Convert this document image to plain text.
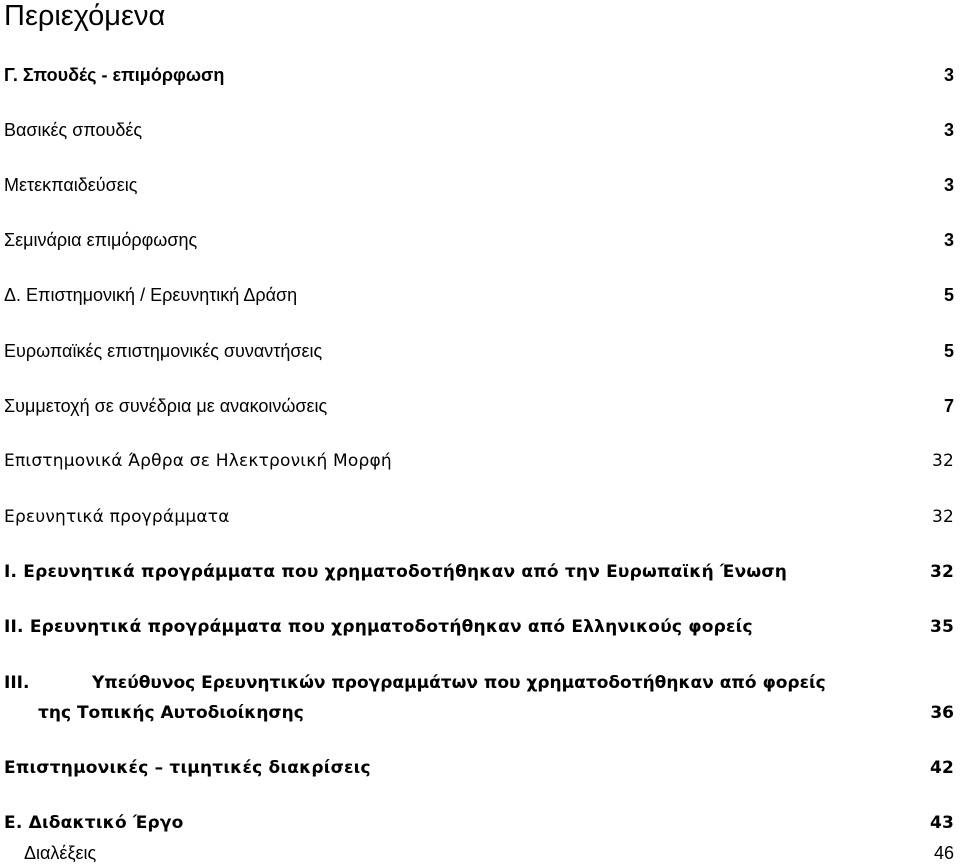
Περιεχόμενα
Γ. Σπουδές - επιμόρφωση	3
Βασικές σπουδές	3
Μετεκπαιδεύσεις	3
Σεμινάρια επιμόρφωσης	3
Δ. Επιστημονική / Ερευνητική Δράση	5
Ευρωπαϊκές επιστημονικές συναντήσεις	5
Συμμετοχή σε συνέδρια με ανακοινώσεις	7
Επιστημονικά Άρθρα σε Ηλεκτρονική Μορφή	32
Ερευνητικά προγράμματα	32
Ι. Ερευνητικά προγράμματα που χρηματοδοτήθηκαν από την Ευρωπαϊκή Ένωση	32
ΙΙ. Ερευνητικά προγράμματα που χρηματοδοτήθηκαν από Ελληνικούς φορείς	35
ΙΙΙ.	Υπεύθυνος Ερευνητικών προγραμμάτων που χρηματοδοτήθηκαν από φορείς
της Τοπικής Αυτοδιοίκησης	36
Επιστημονικές – τιμητικές διακρίσεις	42
Ε. Διδακτικό Έργο	43
Διαλέξεις	46
